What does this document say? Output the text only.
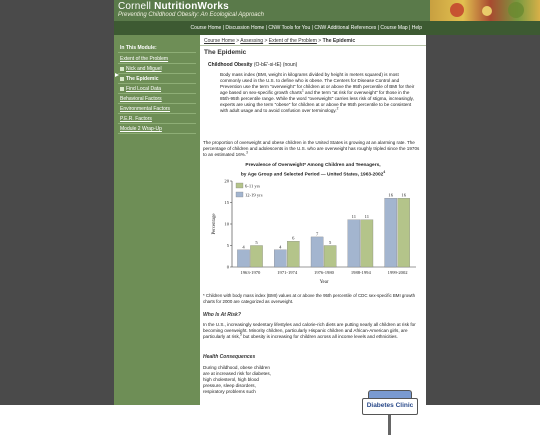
Cornell NutritionWorks
Preventing Childhood Obesity: An Ecological Approach
Course Home | Discussion Home | CNW Tools for You | CNW Additional References | Course Map | Help
In This Module:
Extent of the Problem
Nick and Miguel
The Epidemic
Find Local Data
Behavioral Factors
Environmental Factors
P.E.R. Factors
Module 2 Wrap-Up
Course Home > Assessing > Extent of the Problem > The Epidemic
The Epidemic
Childhood Obesity (O-bE'-si-tE) (noun)
Body mass index (BMI, weight in kilograms divided by height in meters squared) is most commonly used in the U.S. to define who is obese. The Centers for Disease Control and Prevention use the term "overweight" for children at or above the 95th percentile of BMI for their age based on sex-specific growth charts$^1$ and the term "at risk for overweight" for those in the 85th-95th percentile range. While the word "overweight" carries less risk of stigma, increasingly, experts are using the term "obese" for children at or above the 95th percentile to be consistent with adult usage and to avoid confusion over terminology.$^2$
The proportion of overweight and obese children in the United States is growing at an alarming rate. The percentage of children and adolescents in the U.S. who are overweight has roughly tripled since the 1970s to an estimated 16%.$^3$
Prevalence of Overweight* Among Children and Teenagers,
by Age Group and Selected Period — United States, 1963-2002$^4$
0
5
10
15
20
Percentage
Year
4
5
1963-1970
4
6
1971-1974
7
5
1976-1980
11 11
1988-1994
16 16
1999-2002
6-11 yrs
12-19 yrs
* Children with body mass index (BMI) values at or above the 95th percentile of CDC sex-specific BMI growth charts for 2000 are categorized as overweight.
Who Is At Risk?
In the U.S., increasingly sedentary lifestyles and calorie-rich diets are putting nearly all children at risk for becoming overweight. Minority children, particularly Hispanic children and African-American girls, are particularly at risk,$^5$ but obesity is increasing for children across all income levels and ethnicities.
Health Consequences
During childhood, obese children are at increased risk for diabetes, high cholesterol, high blood pressure, sleep disorders, respiratory problems such
Diabetes Clinic
